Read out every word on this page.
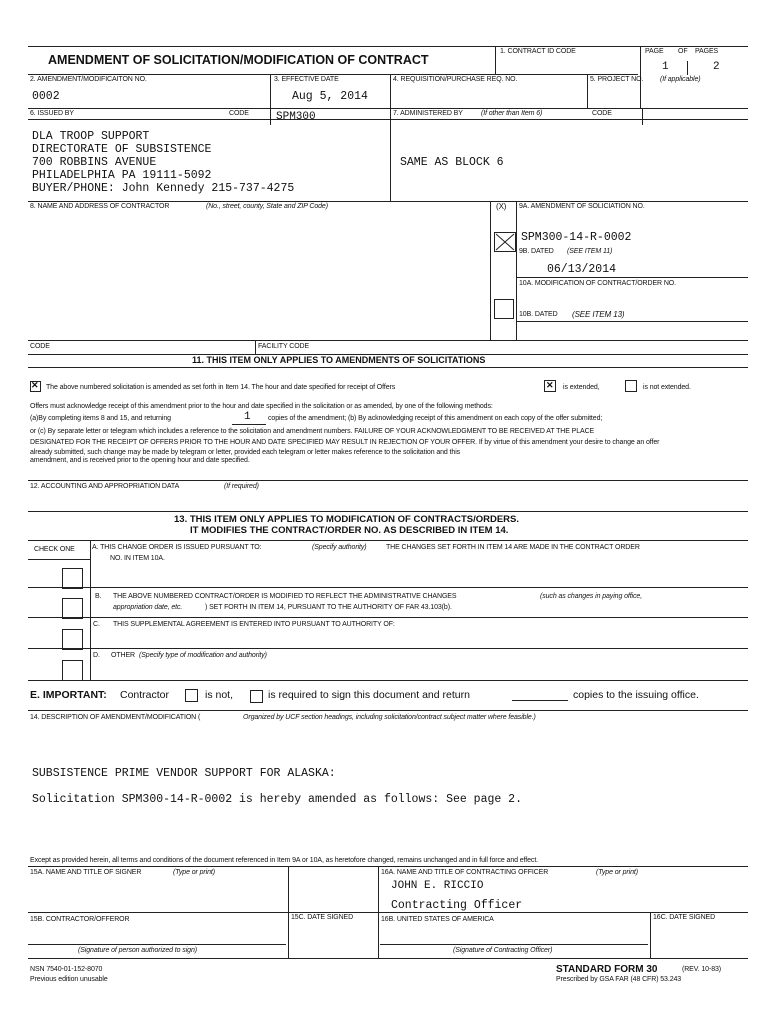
AMENDMENT OF SOLICITATION/MODIFICATION OF CONTRACT
1. CONTRACT ID CODE	PAGE OF PAGES
1	2
2. AMENDMENT/MODIFICAITON NO.
0002
3. EFFECTIVE DATE
Aug 5, 2014
4. REQUISITION/PURCHASE REQ. NO.	5. PROJECT NO. (If applicable)
6. ISSUED BY	CODE SPM300
DLA TROOP SUPPORT
DIRECTORATE OF SUBSISTENCE
700 ROBBINS AVENUE
PHILADELPHIA PA 19111-5092
BUYER/PHONE: John Kennedy 215-737-4275
7. ADMINISTERED BY	(If other than Item 6)	CODE
SAME AS BLOCK 6
8. NAME AND ADDRESS OF CONTRACTOR	(No., street, county, State and ZIP Code)
CODE	FACILITY CODE
(X) 9A. AMENDMENT OF SOLICIATION NO.
SPM300-14-R-0002
9B. DATED (SEE ITEM 11)
06/13/2014
10A. MODIFICATION OF CONTRACT/ORDER NO.
10B. DATED (SEE ITEM 13)
11. THIS ITEM ONLY APPLIES TO AMENDMENTS OF SOLICITATIONS
✕ The above numbered solicitation is amended as set forth in Item 14. The hour and date specified for receipt of Offers	✕ is extended,	is not extended.
Offers must acknowledge receipt of this amendment prior to the hour and date specified in the solicitation or as amended, by one of the following methods:
(a)By completing items 8 and 15, and returning	1 copies of the amendment; (b) By acknowledging receipt of this amendment on each copy of the offer submitted;
or (c) By separate letter or telegram which includes a reference to the solicitation and amendment numbers. FAILURE OF YOUR ACKNOWLEDGMENT TO BE RECEIVED AT THE PLACE
DESIGNATED FOR THE RECEIPT OF OFFERS PRIOR TO THE HOUR AND DATE SPECIFIED MAY RESULT IN REJECTION OF YOUR OFFER. If by virtue of this amendment your desire to change an offer
already submitted, such change may be made by telegram or letter, provided each telegram or letter makes reference to the solicitation and this
amendment, and is received prior to the opening hour and date specified.
12. ACCOUNTING AND APPROPRIATION DATA	(If required)
13. THIS ITEM ONLY APPLIES TO MODIFICATION OF CONTRACTS/ORDERS.
IT MODIFIES THE CONTRACT/ORDER NO. AS DESCRIBED IN ITEM 14.
CHECK ONE A. THIS CHANGE ORDER IS ISSUED PURSUANT TO:	(Specify authority)	THE CHANGES SET FORTH IN ITEM 14 ARE MADE IN THE CONTRACT ORDER
NO. IN ITEM 10A.
B. THE ABOVE NUMBERED CONTRACT/ORDER IS MODIFIED TO REFLECT THE ADMINISTRATIVE CHANGES	(such as changes in paying office,
appropriation date, etc.	) SET FORTH IN ITEM 14, PURSUANT TO THE AUTHORITY OF FAR 43.103(b).
C. THIS SUPPLEMENTAL AGREEMENT IS ENTERED INTO PURSUANT TO AUTHORITY OF:
D. OTHER (Specify type of modification and authority)
E. IMPORTANT: Contractor	is not,	is required to sign this document and return	copies to the issuing office.
14. DESCRIPTION OF AMENDMENT/MODIFICATION (	Organized by UCF section headings, including solicitation/contract subject matter where feasible.)
SUBSISTENCE PRIME VENDOR SUPPORT FOR ALASKA:
Solicitation SPM300-14-R-0002 is hereby amended as follows: See page 2.
Except as provided herein, all terms and conditions of the document referenced in Item 9A or 10A, as heretofore changed, remains unchanged and in full force and effect.
15A. NAME AND TITLE OF SIGNER	(Type or print)	16A. NAME AND TITLE OF CONTRACTING OFFICER	(Type or print)
JOHN E. RICCIO
Contracting Officer
15B. CONTRACTOR/OFFEROR	15C. DATE SIGNED	16B. UNITED STATES OF AMERICA	16C. DATE SIGNED
(Signature of person authorized to sign)	(Signature of Contracting Officer)
NSN 7540-01-152-8070
Previous edition unusable
STANDARD FORM 30	(REV. 10-83)
Prescribed by GSA FAR (48 CFR) 53.243
